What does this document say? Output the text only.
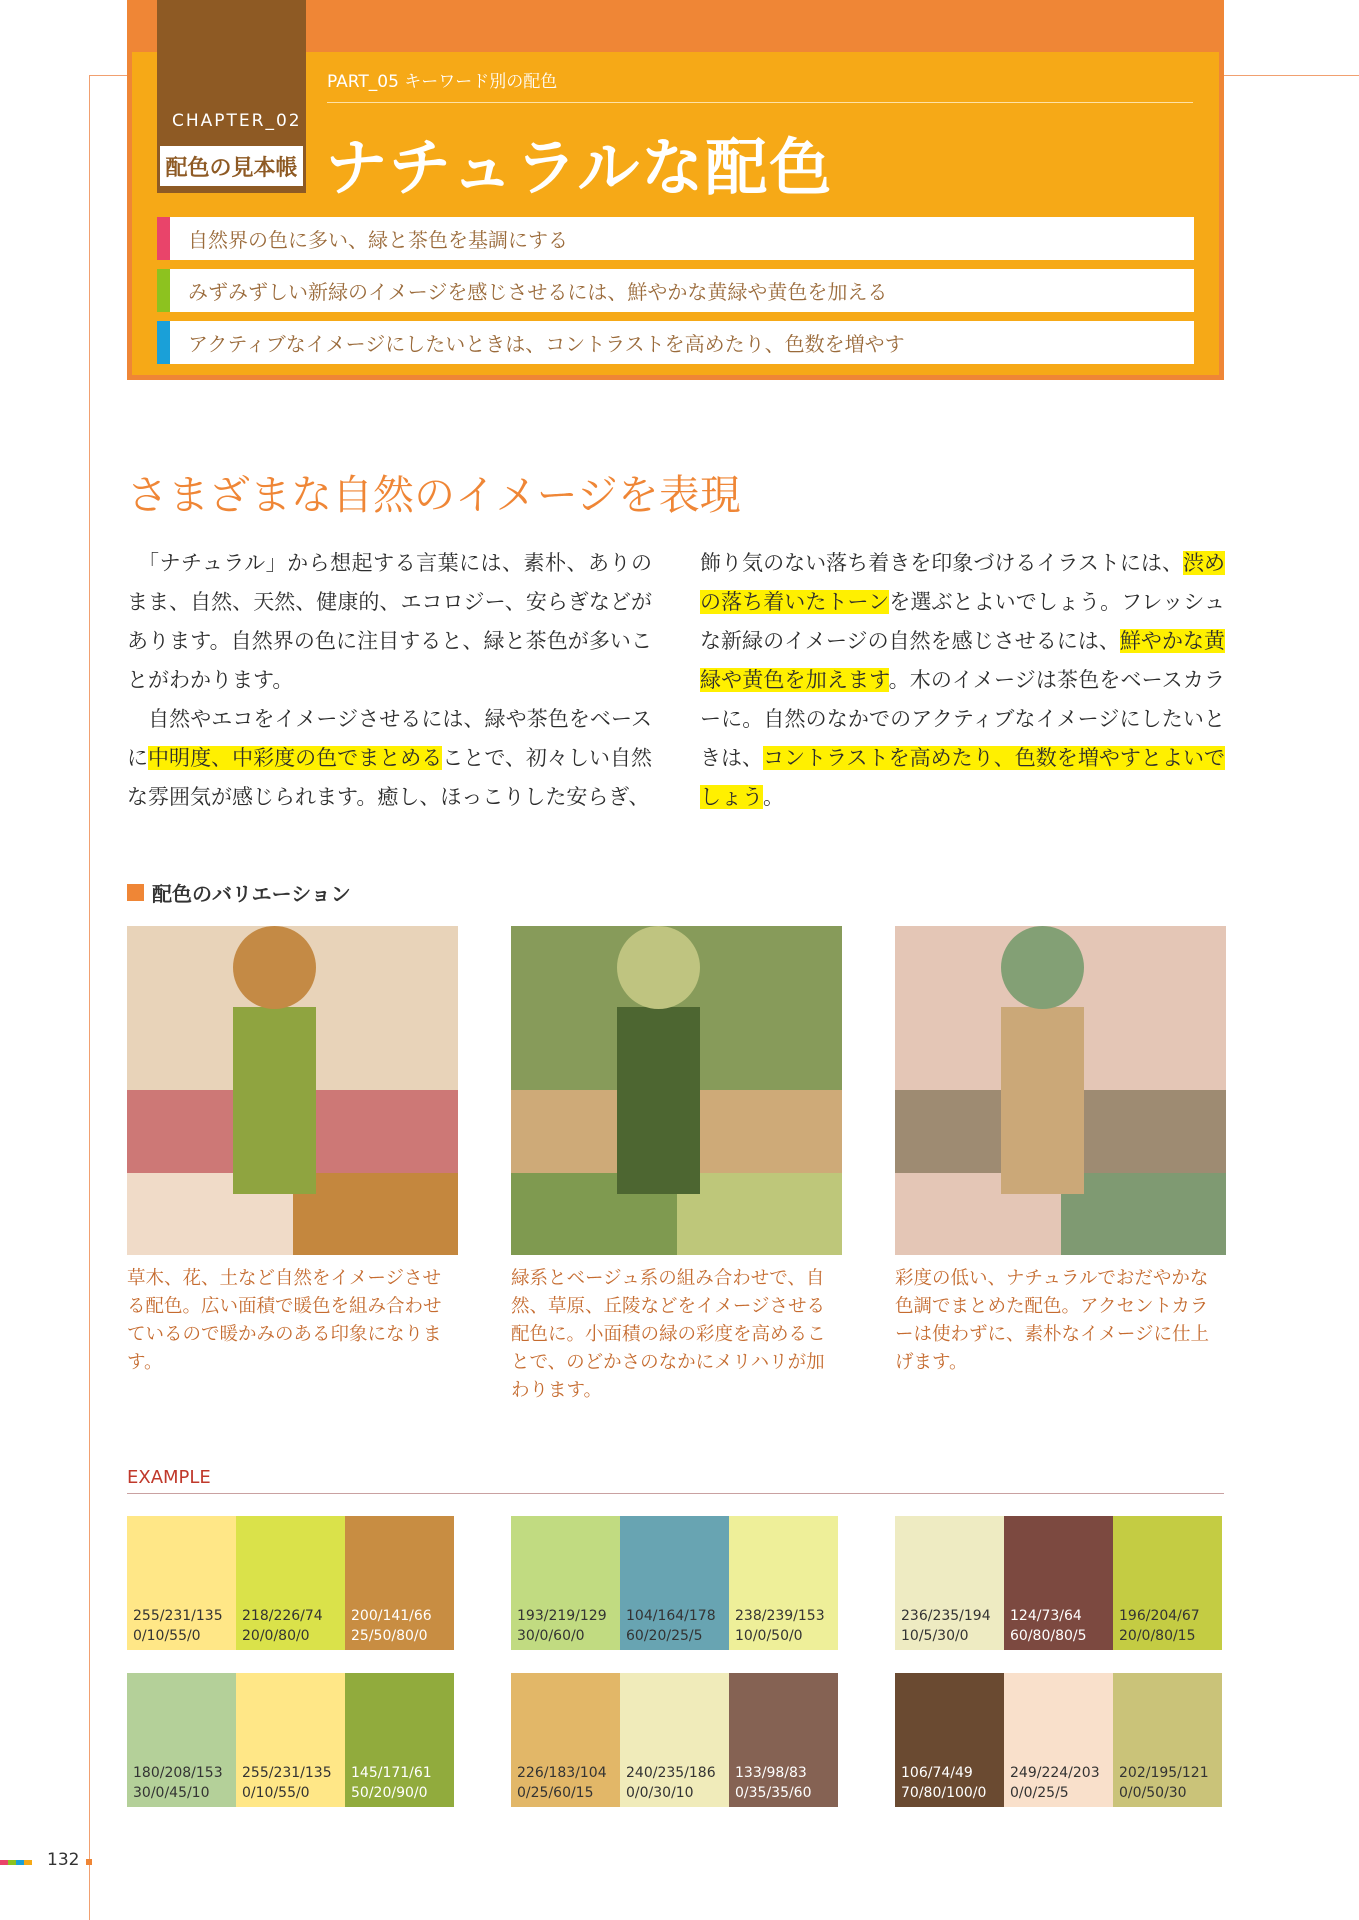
CHAPTER_02
配色の見本帳
PART_05 キーワード別の配色
ナチュラルな配色
自然界の色に多い、緑と茶色を基調にする
みずみずしい新緑のイメージを感じさせるには、鮮やかな黄緑や黄色を加える
アクティブなイメージにしたいときは、コントラストを高めたり、色数を増やす
さまざまな自然のイメージを表現
　「ナチュラル」から想起する言葉には、素朴、ありのまま、自然、天然、健康的、エコロジー、安らぎなどがあります。自然界の色に注目すると、緑と茶色が多いことがわかります。
　自然やエコをイメージさせるには、緑や茶色をベースに中明度、中彩度の色でまとめることで、初々しい自然な雰囲気が感じられます。癒し、ほっこりした安らぎ、
飾り気のない落ち着きを印象づけるイラストには、渋めの落ち着いたトーンを選ぶとよいでしょう。フレッシュな新緑のイメージの自然を感じさせるには、鮮やかな黄緑や黄色を加えます。木のイメージは茶色をベースカラーに。自然のなかでのアクティブなイメージにしたいときは、コントラストを高めたり、色数を増やすとよいでしょう。
配色のバリエーション
草木、花、土など自然をイメージさせる配色。広い面積で暖色を組み合わせているので暖かみのある印象になります。
緑系とベージュ系の組み合わせで、自然、草原、丘陵などをイメージさせる配色に。小面積の緑の彩度を高めることで、のどかさのなかにメリハリが加わります。
彩度の低い、ナチュラルでおだやかな色調でまとめた配色。アクセントカラーは使わずに、素朴なイメージに仕上げます。
EXAMPLE
255/231/135
0/10/55/0
218/226/74
20/0/80/0
200/141/66
25/50/80/0
193/219/129
30/0/60/0
104/164/178
60/20/25/5
238/239/153
10/0/50/0
236/235/194
10/5/30/0
124/73/64
60/80/80/5
196/204/67
20/0/80/15
180/208/153
30/0/45/10
255/231/135
0/10/55/0
145/171/61
50/20/90/0
226/183/104
0/25/60/15
240/235/186
0/0/30/10
133/98/83
0/35/35/60
106/74/49
70/80/100/0
249/224/203
0/0/25/5
202/195/121
0/0/50/30
132
